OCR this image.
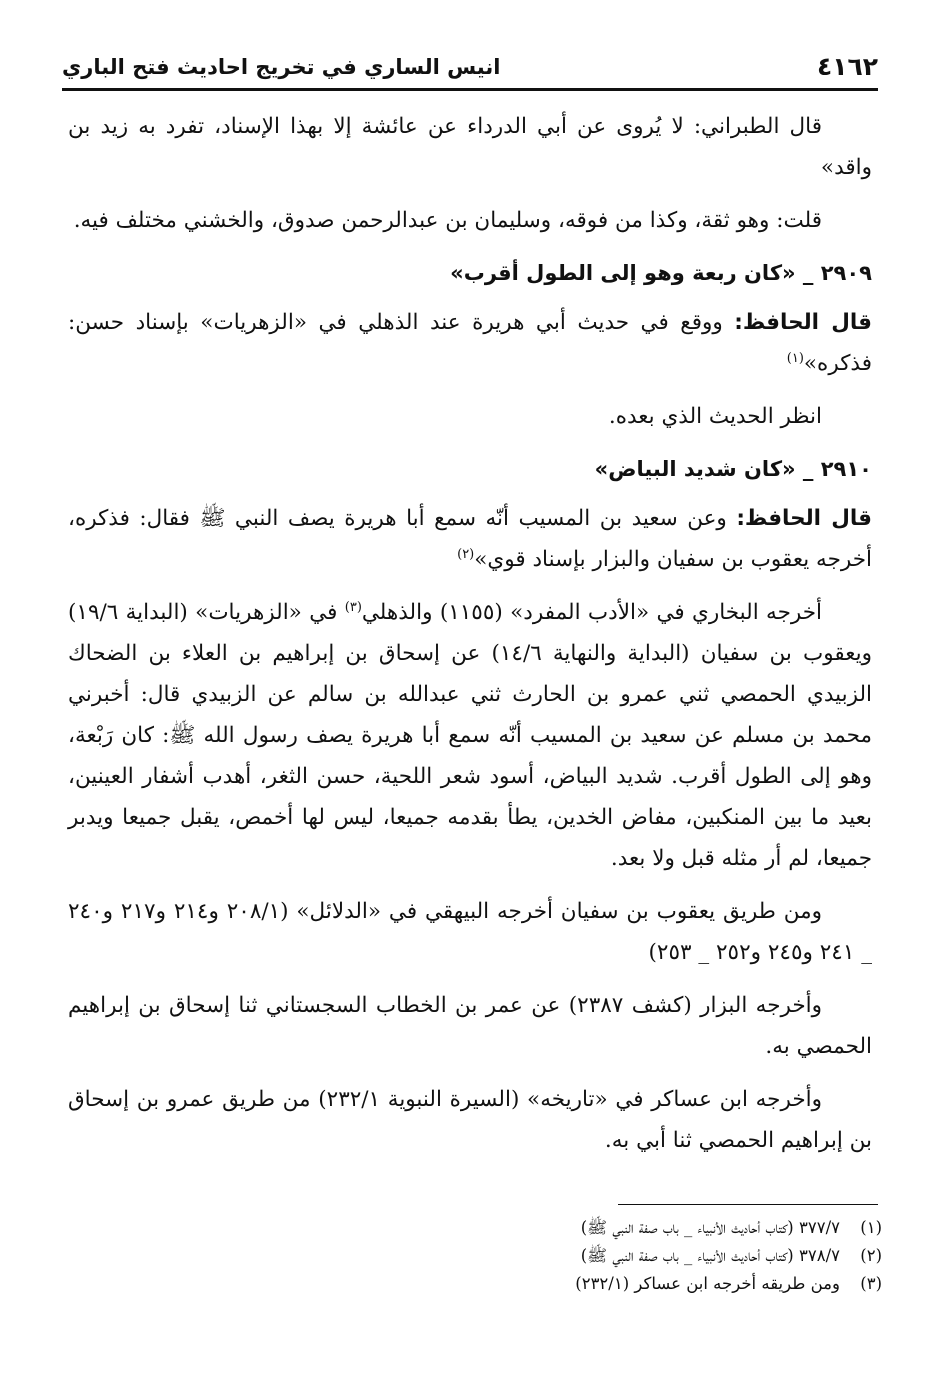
٤١٦٢
انيس الساري في تخريج احاديث فتح الباري

قال الطبراني: لا يُروى عن أبي الدرداء عن عائشة إلا بهذا الإسناد، تفرد به زيد بن واقد»

قلت: وهو ثقة، وكذا من فوقه، وسليمان بن عبدالرحمن صدوق، والخشني مختلف فيه.

٢٩٠٩ _ «كان ربعة وهو إلى الطول أقرب»

قال الحافظ: ووقع في حديث أبي هريرة عند الذهلي في «الزهريات» بإسناد حسن: فذكره»$^{(١)}$

انظر الحديث الذي بعده.

٢٩١٠ _ «كان شديد البياض»

قال الحافظ: وعن سعيد بن المسيب أنّه سمع أبا هريرة يصف النبي ﷺ فقال: فذكره، أخرجه يعقوب بن سفيان والبزار بإسناد قوي»$^{(٢)}$

أخرجه البخاري في «الأدب المفرد» (١١٥٥) والذهلي$^{(٣)}$ في «الزهريات» (البداية ١٩/٦) ويعقوب بن سفيان (البداية والنهاية ١٤/٦) عن إسحاق بن إبراهيم بن العلاء بن الضحاك الزبيدي الحمصي ثني عمرو بن الحارث ثني عبدالله بن سالم عن الزبيدي قال: أخبرني محمد بن مسلم عن سعيد بن المسيب أنّه سمع أبا هريرة يصف رسول الله ﷺ: كان رَبْعة، وهو إلى الطول أقرب. شديد البياض، أسود شعر اللحية، حسن الثغر، أهدب أشفار العينين، بعيد ما بين المنكبين، مفاض الخدين، يطأ بقدمه جميعا، ليس لها أخمص، يقبل جميعا ويدبر جميعا، لم أر مثله قبل ولا بعد.

ومن طريق يعقوب بن سفيان أخرجه البيهقي في «الدلائل» (٢٠٨/١ و٢١٤ و٢١٧ و٢٤٠ _ ٢٤١ و٢٤٥ و٢٥٢ _ ٢٥٣)

وأخرجه البزار (كشف ٢٣٨٧) عن عمر بن الخطاب السجستاني ثنا إسحاق بن إبراهيم الحمصي به.

وأخرجه ابن عساكر في «تاريخه» (السيرة النبوية ٢٣٢/١) من طريق عمرو بن إسحاق بن إبراهيم الحمصي ثنا أبي به.

(١)
٣٧٧/٧ (كتاب أحاديث الأنبياء _ باب صفة النبي ﷺ)
(٢)
٣٧٨/٧ (كتاب أحاديث الأنبياء _ باب صفة النبي ﷺ)
(٣)
ومن طريقه أخرجه ابن عساكر (٢٣٢/١)
